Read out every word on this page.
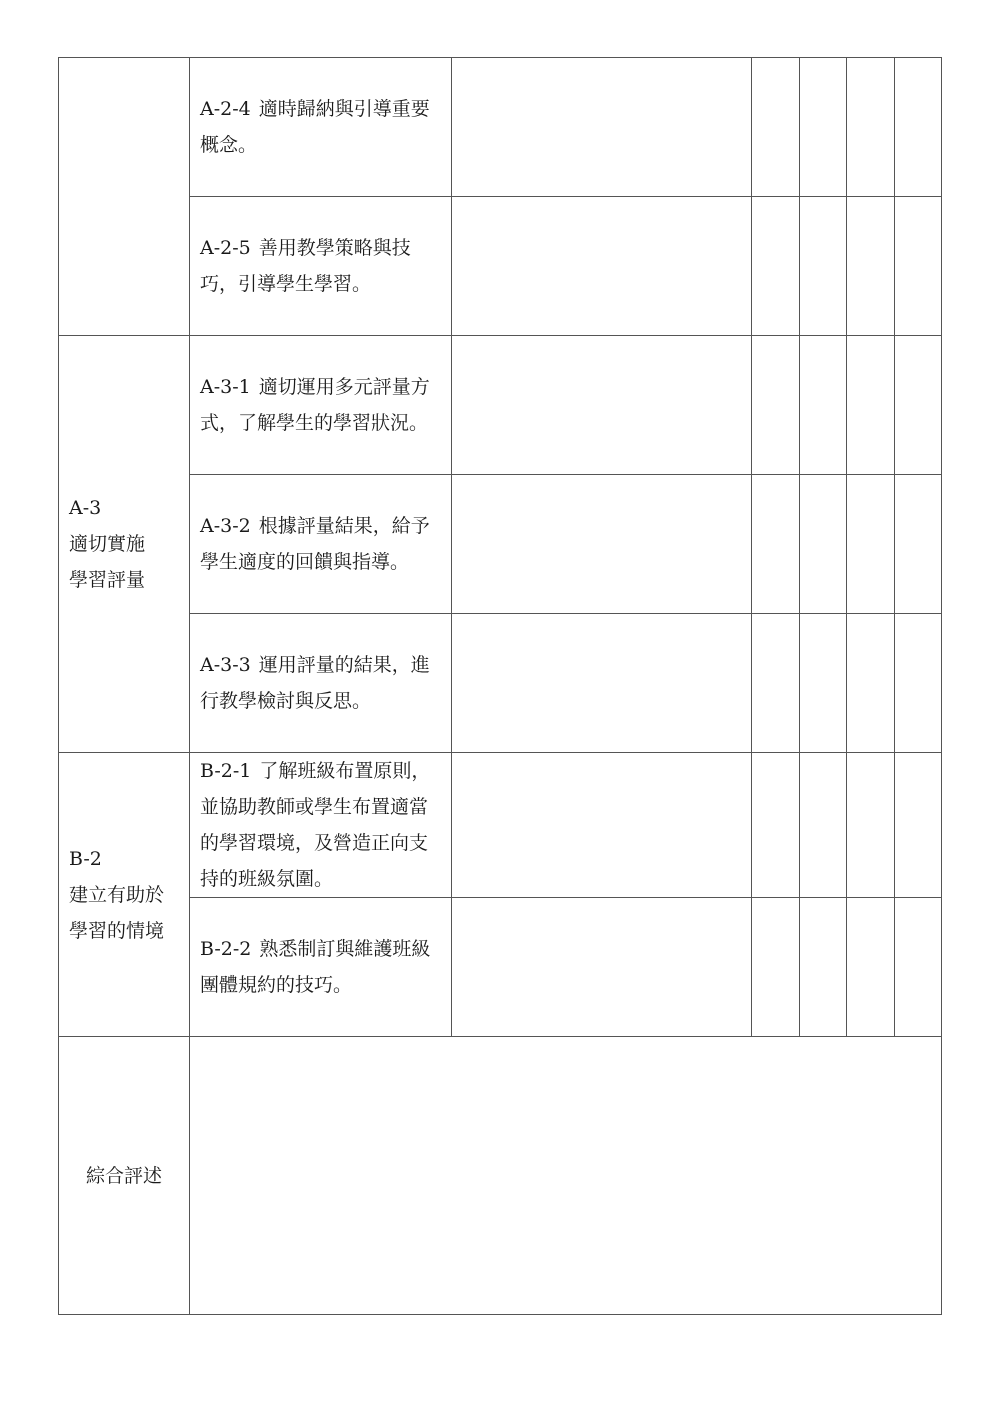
	A-2-4 適時歸納與引導重要概念。					
	A-2-5 善用教學策略與技巧，引導學生學習。					

A-3
適切實施
學習評量	A-3-1 適切運用多元評量方式，了解學生的學習狀況。					
	A-3-2 根據評量結果，給予學生適度的回饋與指導。					
	A-3-3 運用評量的結果，進行教學檢討與反思。					

B-2
建立有助於
學習的情境	B-2-1 了解班級布置原則，並協助教師或學生布置適當的學習環境，及營造正向支持的班級氛圍。					
	B-2-2 熟悉制訂與維護班級團體規約的技巧。					
綜合評述						
